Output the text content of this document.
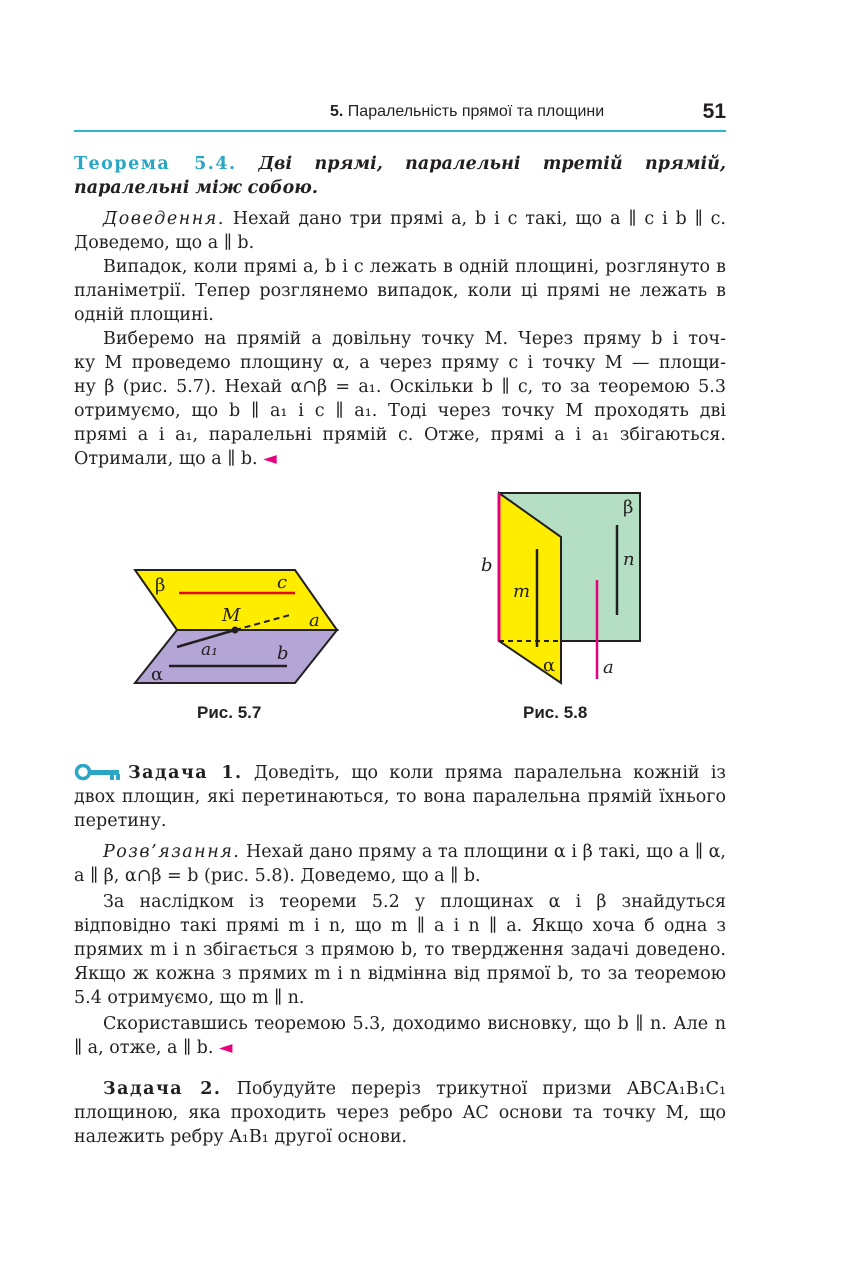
5. Паралельність прямої та площини	51

Теорема 5.4. Дві прямі, паралельні третій прямій, паралельні між собою.

Доведення. Нехай дано три прямі a, b і c такі, що a ∥ c і b ∥ c. Доведемо, що a ∥ b.

Випадок, коли прямі a, b і c лежать в одній площині, розглянуто в планіметрії. Тепер розглянемо випадок, коли ці прямі не лежать в одній площині.

Виберемо на прямій a довільну точку M. Через пряму b і точ-
ку M проведемо площину α, а через пряму c і точку M — площи-
ну β (рис. 5.7). Нехай α∩β = a₁. Оскільки b ∥ c, то за теоремою 5.3
отримуємо, що b ∥ a₁ і c ∥ a₁. Тоді через точку M проходять дві
прямі a і a₁, паралельні прямій c. Отже, прямі a і a₁ збігаються.
Отримали, що a ∥ b. ◄
β	c
M	a
a₁	b
α
Рис. 5.7
β
n
b
m
α	a
Рис. 5.8

Задача 1. Доведіть, що коли пряма паралельна кожній із двох площин, які перетинаються, то вона паралельна прямій їхнього перетину.

Розв’язання. Нехай дано пряму a та площини α і β такі, що a ∥ α, a ∥ β, α∩β = b (рис. 5.8). Доведемо, що a ∥ b.

За наслідком із теореми 5.2 у площинах α і β знайдуться відповідно такі прямі m і n, що m ∥ a і n ∥ a. Якщо хоча б одна з прямих m і n збігається з прямою b, то твердження задачі доведено. Якщо ж кожна з прямих m і n відмінна від прямої b, то за теоремою 5.4 отримуємо, що m ∥ n.

Скориставшись теоремою 5.3, доходимо висновку, що b ∥ n. Але n ∥ a, отже, a ∥ b. ◄

Задача 2. Побудуйте переріз трикутної призми ABCA₁B₁C₁ площиною, яка проходить через ребро AC основи та точку M, що належить ребру A₁B₁ другої основи.
